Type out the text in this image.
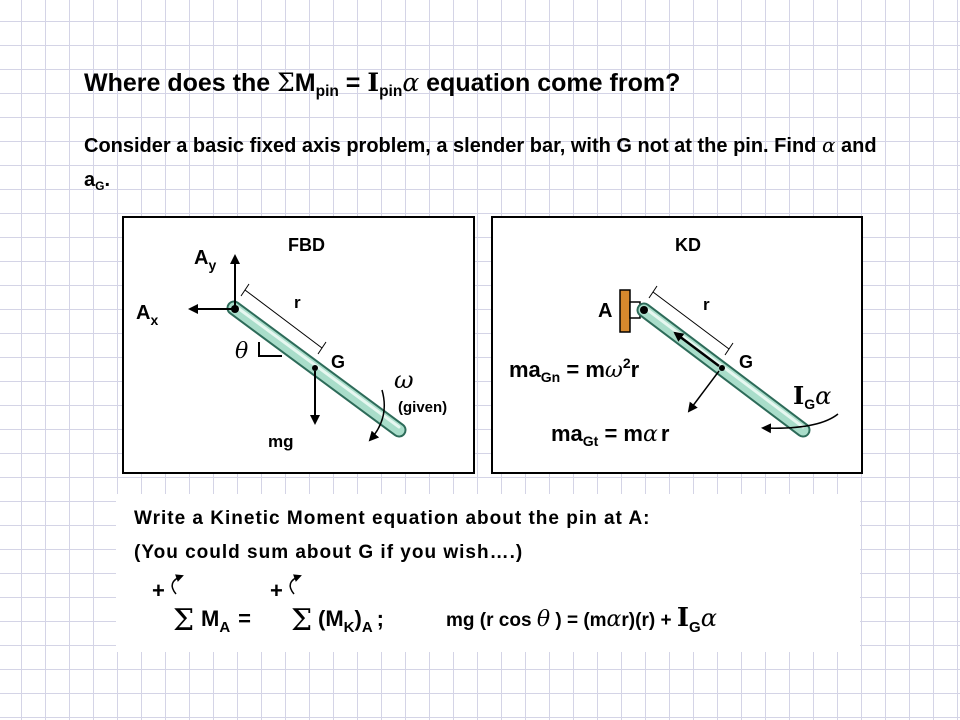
Where does the ΣMpin = Ipinα equation come from?

Consider a basic fixed axis problem, a slender bar, with G not at the pin. Find α and aG.

FBD
$A_y$
$A_x$
r
θ	G
mg
ω
(given)
KD
A	r
G
$ma_{Gn} = m\omega^2r$
$I_G\alpha$
$ma_{Gt} = m\alpha$ r

Write a Kinetic Moment equation about the pin at A:

(You could sum about G if you wish….)

+
Σ $M_A$ =
+
Σ $(M_K)_A$ ;	mg (r cos θ ) = $(m\alpha r)(r) + I_G\alpha$
